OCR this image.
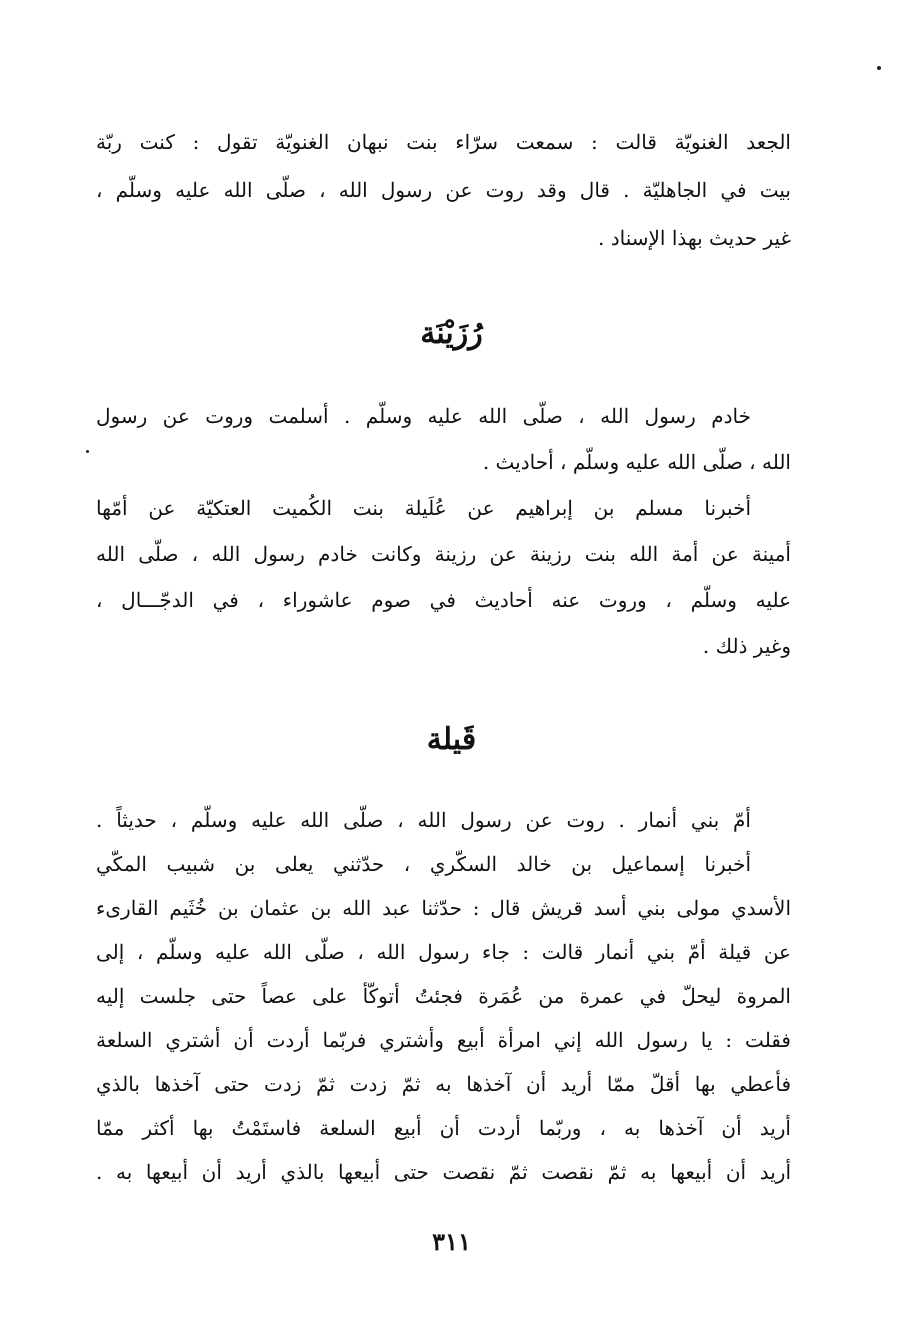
الجعد الغنويّة قالت : سمعت سرّاء بنت نبهان الغنويّة تقول : كنت ربّة
بيت في الجاهليّة . قال وقد روت عن رسول الله ، صلّى الله عليه وسلّم ،
غير حديث بهذا الإسناد .
رُزَيْنَة
خادم رسول الله ، صلّى الله عليه وسلّم . أسلمت وروت عن رسول
الله ، صلّى الله عليه وسلّم ، أحاديث .
أخبرنا مسلم بن إبراهيم عن عُلَيلة بنت الكُميت العتكيّة عن أمّها
أمينة عن أمة الله بنت رزينة عن رزينة وكانت خادم رسول الله ، صلّى الله
عليه وسلّم ، وروت عنه أحاديث في صوم عاشوراء ، في الدجّـــال ،
وغير ذلك .
قَيلة
أمّ بني أنمار . روت عن رسول الله ، صلّى الله عليه وسلّم ، حديثاً .
أخبرنا إسماعيل بن خالد السكّري ، حدّثني يعلى بن شبيب المكّي
الأسدي مولى بني أسد قريش قال : حدّثنا عبد الله بن عثمان بن خُثَيم القارىء
عن قيلة أمّ بني أنمار قالت : جاء رسول الله ، صلّى الله عليه وسلّم ، إلى
المروة ليحلّ في عمرة من عُمَرة فجئتُ أتوكّأ على عصاً حتى جلست إليه
فقلت : يا رسول الله إني امرأة أبيع وأشتري فربّما أردت أن أشتري السلعة
فأعطي بها أقلّ ممّا أريد أن آخذها به ثمّ زدت ثمّ زدت حتى آخذها بالذي
أريد أن آخذها به ، وربّما أردت أن أبيع السلعة فاستَمْتُ بها أكثر ممّا
أريد أن أبيعها به ثمّ نقصت ثمّ نقصت حتى أبيعها بالذي أريد أن أبيعها به .
٣١١
